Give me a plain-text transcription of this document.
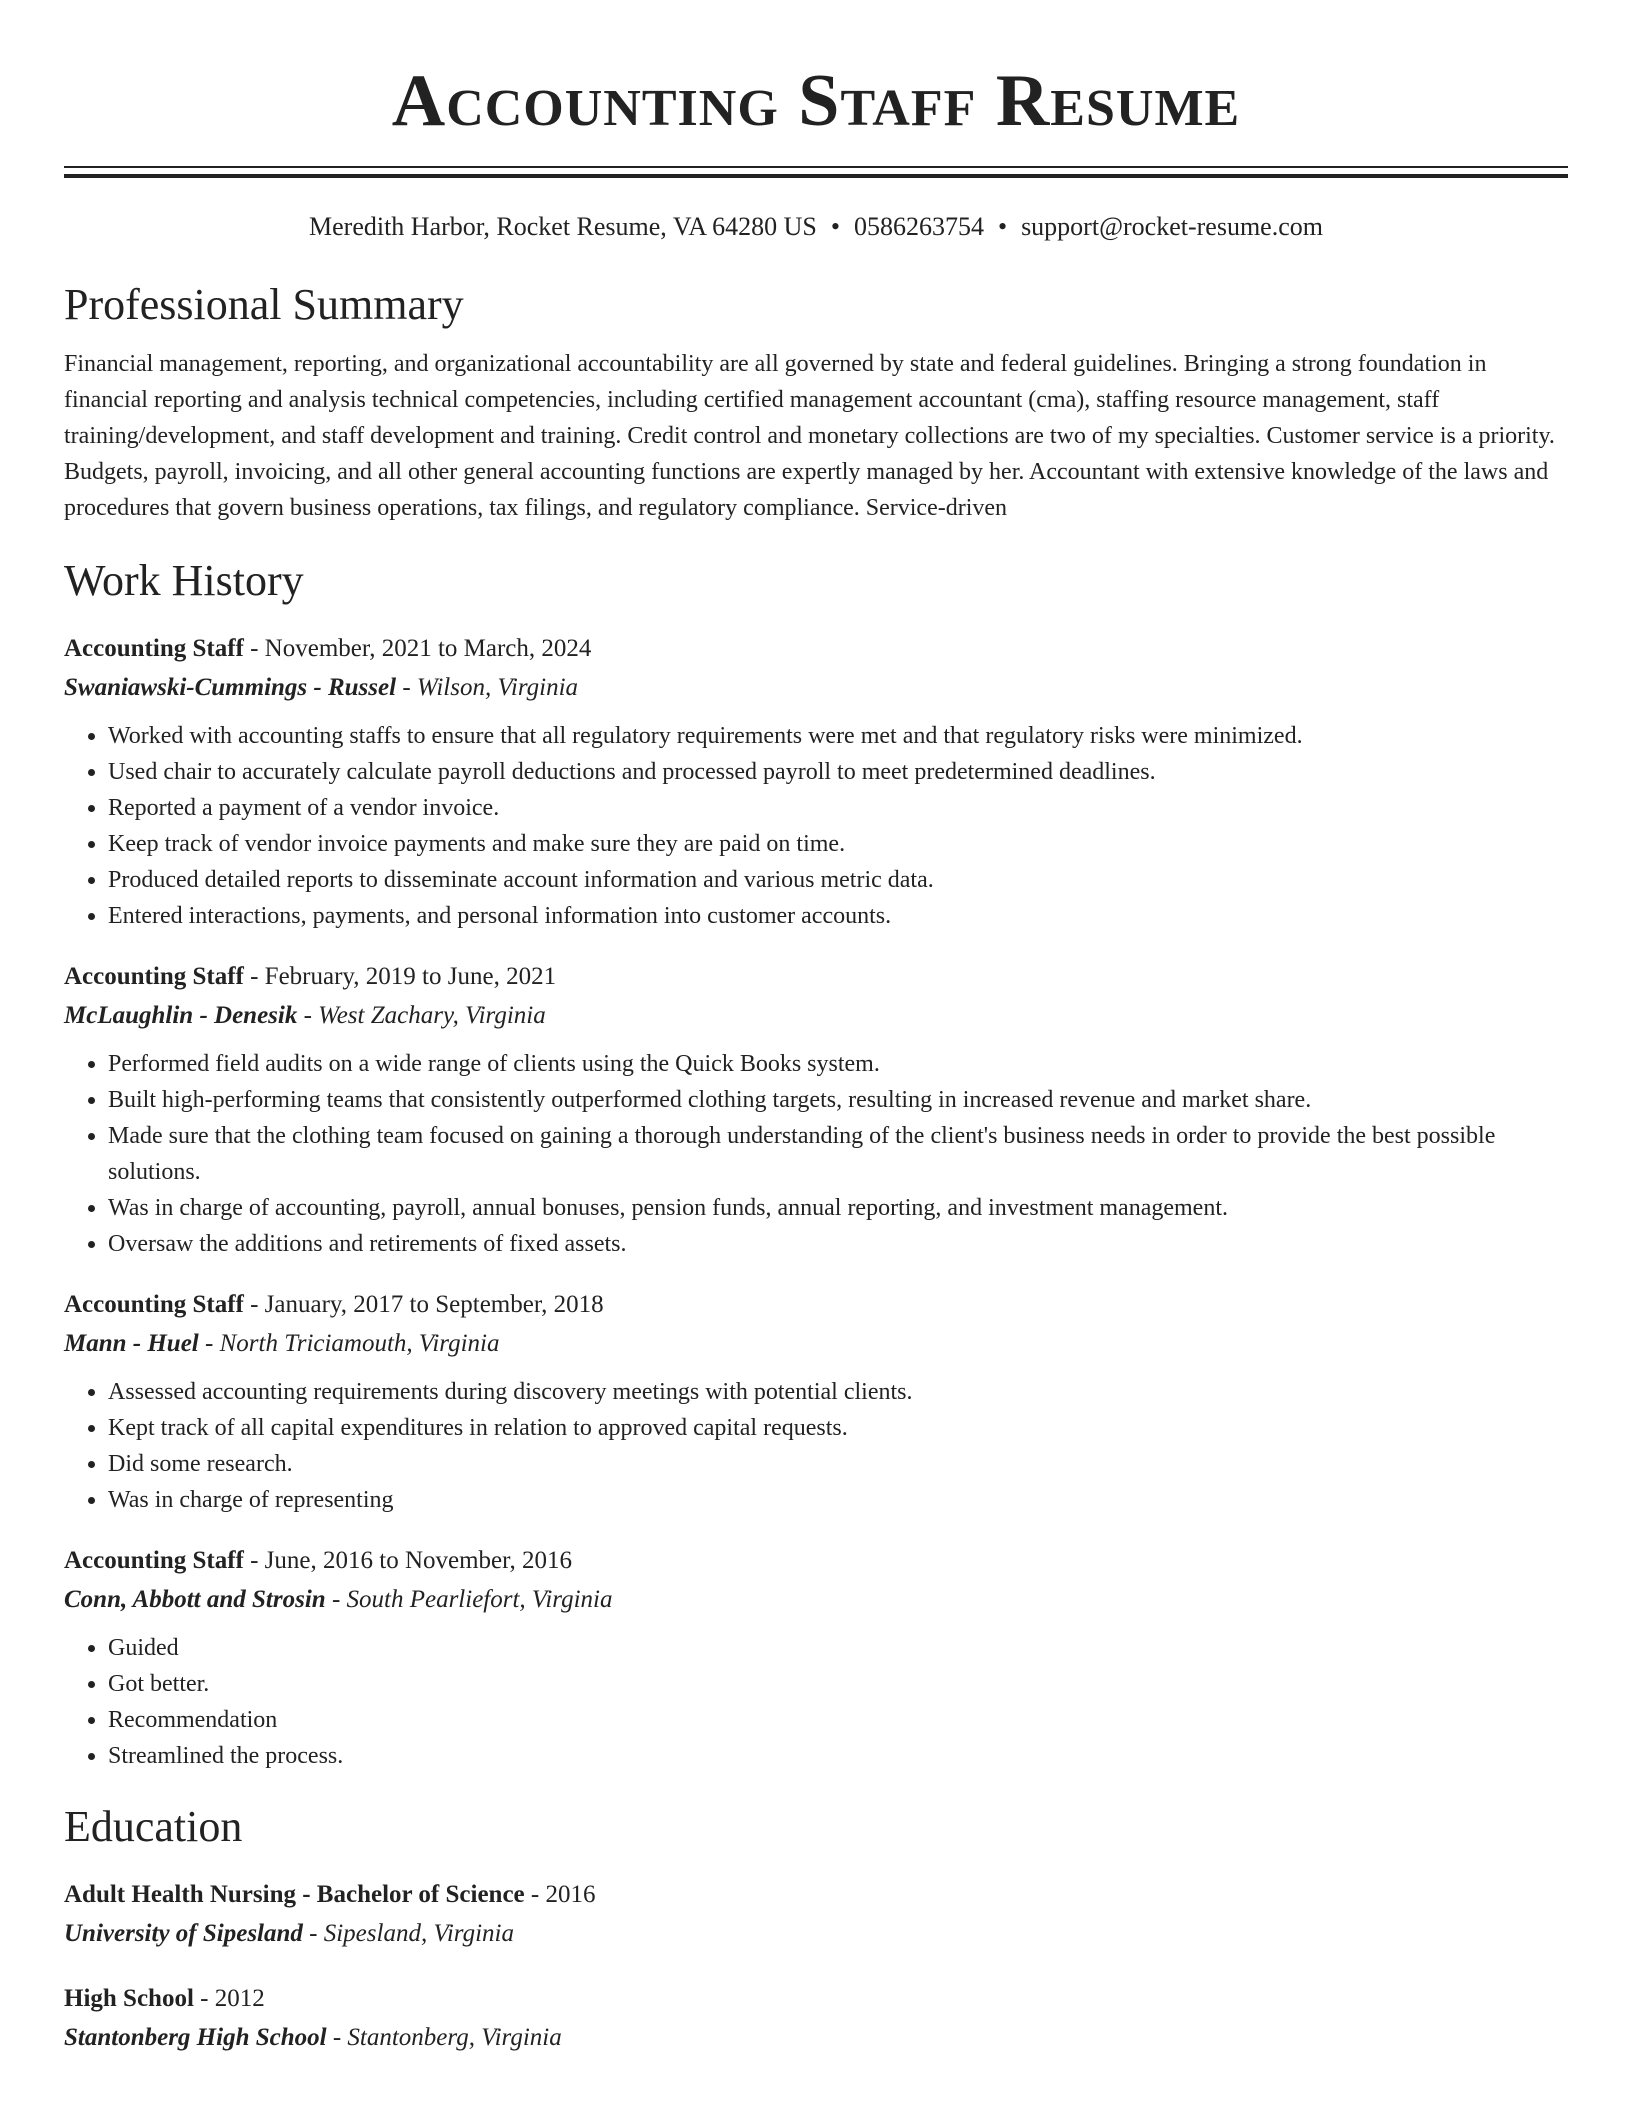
Accounting Staff Resume
Meredith Harbor, Rocket Resume, VA 64280 US • 0586263754 • support@rocket-resume.com
Professional Summary
Financial management, reporting, and organizational accountability are all governed by state and federal guidelines. Bringing a strong foundation in financial reporting and analysis technical competencies, including certified management accountant (cma), staffing resource management, staff training/development, and staff development and training. Credit control and monetary collections are two of my specialties. Customer service is a priority. Budgets, payroll, invoicing, and all other general accounting functions are expertly managed by her. Accountant with extensive knowledge of the laws and procedures that govern business operations, tax filings, and regulatory compliance. Service-driven
Work History
Accounting Staff - November, 2021 to March, 2024
Swaniawski-Cummings - Russel - Wilson, Virginia
• Worked with accounting staffs to ensure that all regulatory requirements were met and that regulatory risks were minimized.
• Used chair to accurately calculate payroll deductions and processed payroll to meet predetermined deadlines.
• Reported a payment of a vendor invoice.
• Keep track of vendor invoice payments and make sure they are paid on time.
• Produced detailed reports to disseminate account information and various metric data.
• Entered interactions, payments, and personal information into customer accounts.
Accounting Staff - February, 2019 to June, 2021
McLaughlin - Denesik - West Zachary, Virginia
• Performed field audits on a wide range of clients using the Quick Books system.
• Built high-performing teams that consistently outperformed clothing targets, resulting in increased revenue and market share.
• Made sure that the clothing team focused on gaining a thorough understanding of the client's business needs in order to provide the best possible solutions.
• Was in charge of accounting, payroll, annual bonuses, pension funds, annual reporting, and investment management.
• Oversaw the additions and retirements of fixed assets.
Accounting Staff - January, 2017 to September, 2018
Mann - Huel - North Triciamouth, Virginia
• Assessed accounting requirements during discovery meetings with potential clients.
• Kept track of all capital expenditures in relation to approved capital requests.
• Did some research.
• Was in charge of representing
Accounting Staff - June, 2016 to November, 2016
Conn, Abbott and Strosin - South Pearliefort, Virginia
• Guided
• Got better.
• Recommendation
• Streamlined the process.
Education
Adult Health Nursing - Bachelor of Science - 2016
University of Sipesland - Sipesland, Virginia
High School - 2012
Stantonberg High School - Stantonberg, Virginia
